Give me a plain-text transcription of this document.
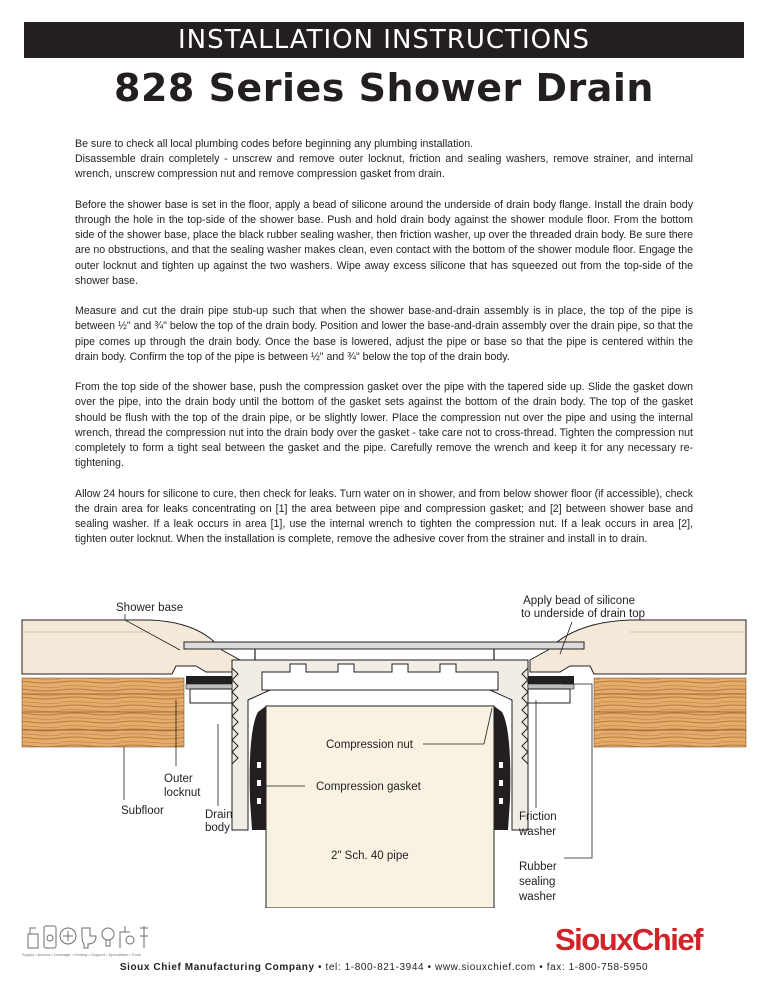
INSTALLATION INSTRUCTIONS
828 Series Shower Drain

Be sure to check all local plumbing codes before beginning any plumbing installation.
Disassemble drain completely - unscrew and remove outer locknut, friction and sealing washers, remove strainer, and internal wrench, unscrew compression nut and remove compression gasket from drain.

Before the shower base is set in the floor, apply a bead of silicone around the underside of drain body flange. Install the drain body through the hole in the top-side of the shower base. Push and hold drain body against the shower module floor. From the bottom side of the shower base, place the black rubber sealing washer, then friction washer, up over the threaded drain body. Be sure there are no obstructions, and that the sealing washer makes clean, even contact with the bottom of the shower module floor. Engage the outer locknut and tighten up against the two washers. Wipe away excess silicone that has squeezed out from the top-side of the shower base.

Measure and cut the drain pipe stub-up such that when the shower base-and-drain assembly is in place, the top of the pipe is between ½" and ¾" below the top of the drain body. Position and lower the base-and-drain assembly over the drain pipe, so that the pipe comes up through the drain body. Once the base is lowered, adjust the pipe or base so that the pipe is centered within the drain body. Confirm the top of the pipe is between ½" and ¾" below the top of the drain body.

From the top side of the shower base, push the compression gasket over the pipe with the tapered side up. Slide the gasket down over the pipe, into the drain body until the bottom of the gasket sets against the bottom of the drain body. The top of the gasket should be flush with the top of the drain pipe, or be slightly lower. Place the compression nut over the pipe and using the internal wrench, thread the compression nut into the drain body over the gasket - take care not to cross-thread. Tighten the compression nut completely to form a tight seal between the gasket and the pipe. Carefully remove the wrench and keep it for any necessary re-tightening.

Allow 24 hours for silicone to cure, then check for leaks. Turn water on in shower, and from below shower floor (if accessible), check the drain area for leaks concentrating on [1] the area between pipe and compression gasket; and [2] between shower base and sealing washer. If a leak occurs in area [1], use the internal wrench to tighten the compression nut. If a leak occurs in area [2], tighten outer locknut. When the installation is complete, remove the adhesive cover from the strainer and install in to drain.

Shower base
Apply bead of silicone
to underside of drain top
Compression nut
Outer
locknut	Compression gasket
Subfloor	Drain
body
Friction
washer
2" Sch. 40 pipe
Rubber
sealing
washer
Supply • Access • Drainage • Venting • Support • Specialties • Tools	SiouxChief
Sioux Chief Manufacturing Company • tel: 1-800-821-3944 • www.siouxchief.com • fax: 1-800-758-5950
